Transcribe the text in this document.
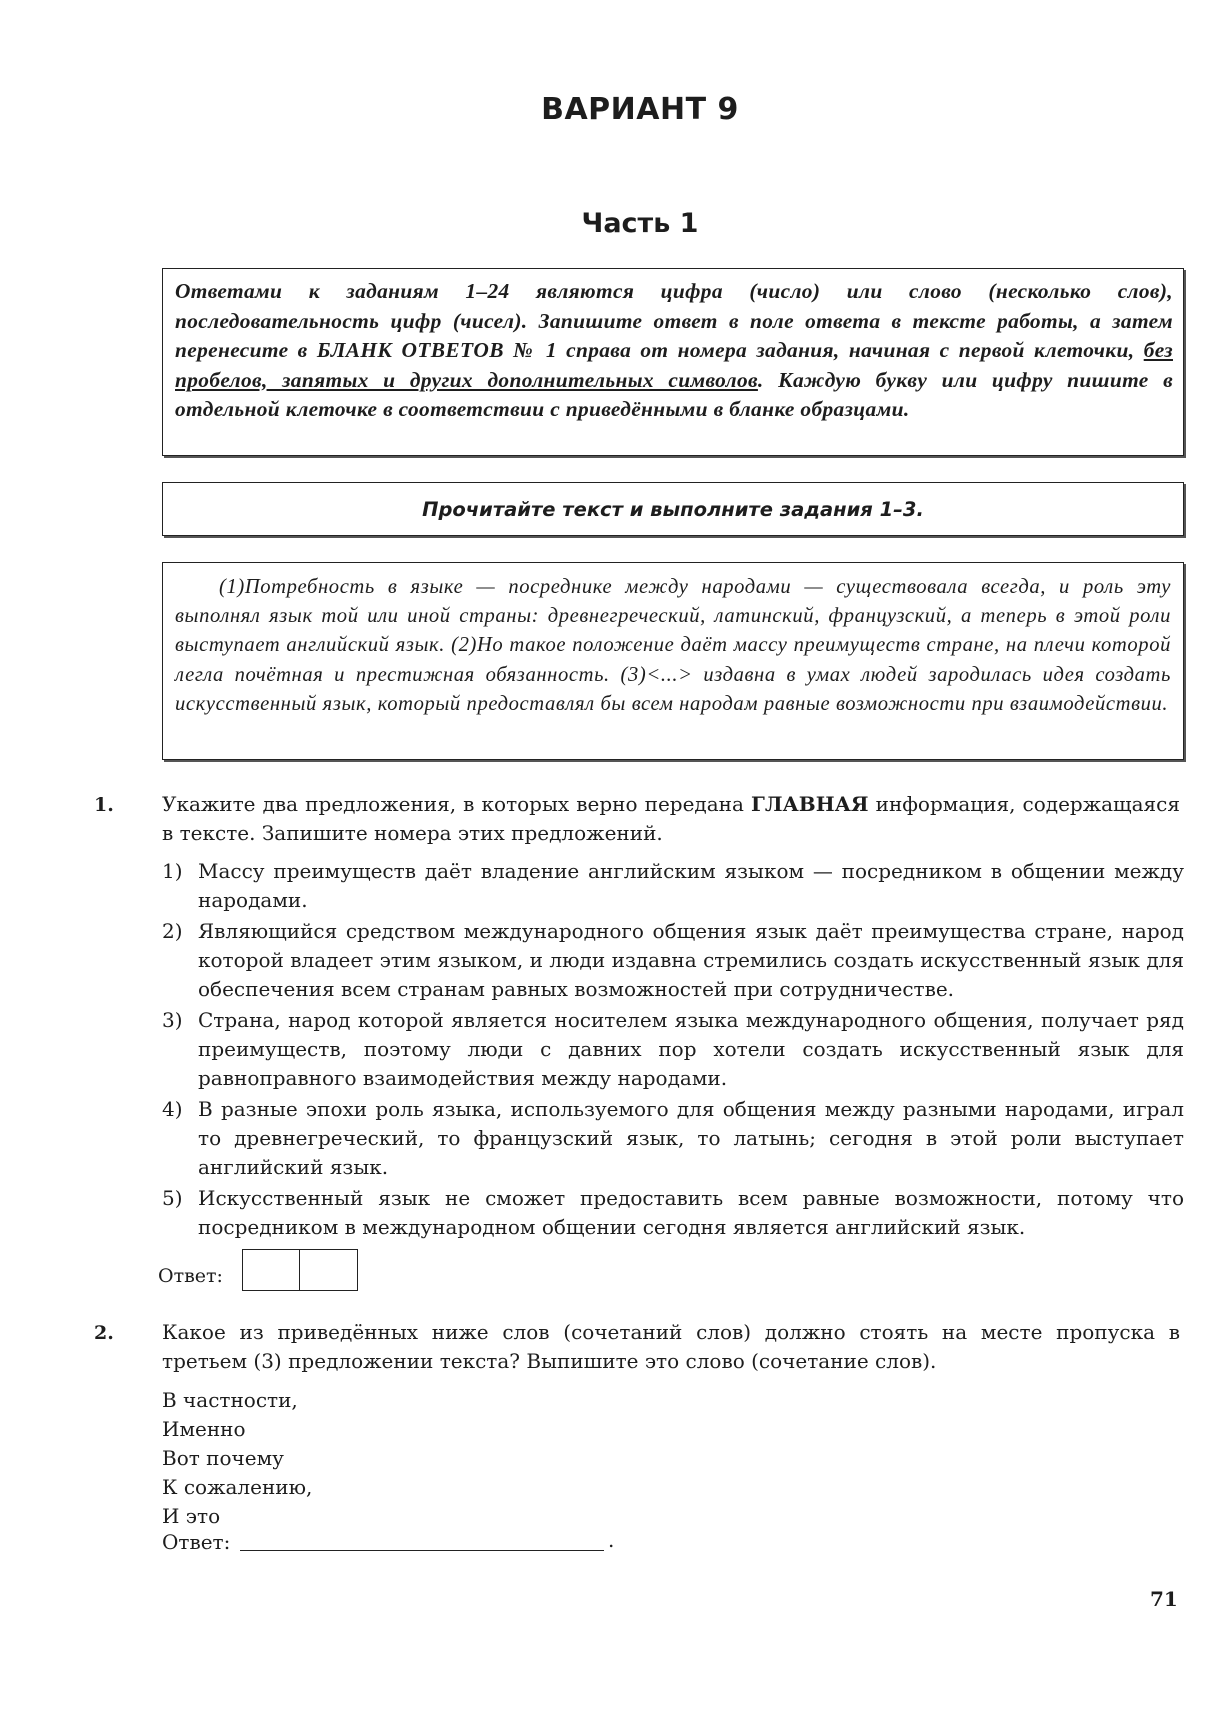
ВАРИАНТ 9
Часть 1
Ответами к заданиям 1–24 являются цифра (число) или слово (несколько слов), последовательность цифр (чисел). Запишите ответ в поле ответа в тексте работы, а затем перенесите в БЛАНК ОТВЕТОВ № 1 справа от номера задания, начиная с первой клеточки, без пробелов, запятых и других дополнительных символов. Каждую букву или цифру пишите в отдельной клеточке в соответствии с приведёнными в бланке образцами.
Прочитайте текст и выполните задания 1–3.
(1)Потребность в языке — посреднике между народами — существовала всегда, и роль эту выполнял язык той или иной страны: древнегреческий, латинский, французский, а теперь в этой роли выступает английский язык. (2)Но такое положение даёт массу преимуществ стране, на плечи которой легла почётная и престижная обязанность. (3)<...> издавна в умах людей зародилась идея создать искусственный язык, который предоставлял бы всем народам равные возможности при взаимодействии.
1. Укажите два предложения, в которых верно передана ГЛАВНАЯ информация, содержащаяся в тексте. Запишите номера этих предложений.
1) Массу преимуществ даёт владение английским языком — посредником в общении между народами.
2) Являющийся средством международного общения язык даёт преимущества стране, народ которой владеет этим языком, и люди издавна стремились создать искусственный язык для обеспечения всем странам равных возможностей при сотрудничестве.
3) Страна, народ которой является носителем языка международного общения, получает ряд преимуществ, поэтому люди с давних пор хотели создать искусственный язык для равноправного взаимодействия между народами.
4) В разные эпохи роль языка, используемого для общения между разными народами, играл то древнегреческий, то французский язык, то латынь; сегодня в этой роли выступает английский язык.
5) Искусственный язык не сможет предоставить всем равные возможности, потому что посредником в международном общении сегодня является английский язык.
Ответ:
2. Какое из приведённых ниже слов (сочетаний слов) должно стоять на месте пропуска в третьем (3) предложении текста? Выпишите это слово (сочетание слов).
В частности,
Именно
Вот почему
К сожалению,
И это
Ответ:	.
71
